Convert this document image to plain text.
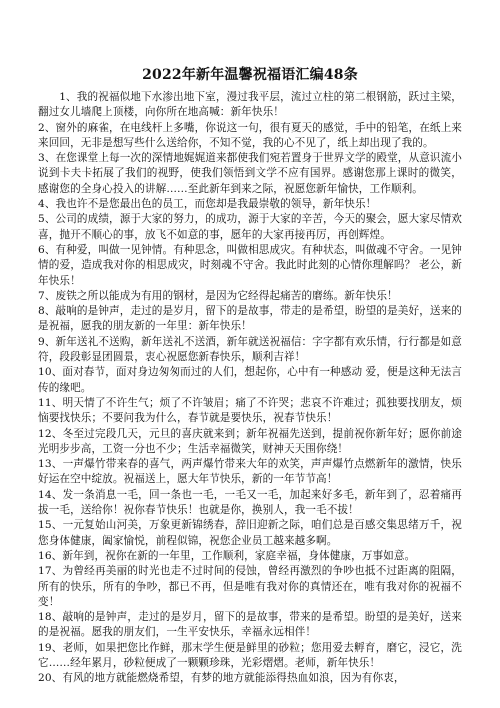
2022年新年温馨祝福语汇编48条

1、我的祝福似地下水渗出地下室，漫过我平层，流过立柱的第二根钢筋，跃过主梁，翻过女儿墙爬上顶楼，向你所在地高喊：新年快乐！

2、窗外的麻雀，在电线杆上多嘴，你说这一句，很有夏天的感觉，手中的铅笔，在纸上来来回回，无非是想写些什么送给你，不知不觉，我的心不见了，纸上却出现了我的。

3、在您课堂上每一次的深情地娓娓道来都使我们宛若置身于世界文学的殿堂，从意识流小说到卡夫卡拓展了我们的视野，使我们领悟到文学不应有国界。感谢您那上课时的微笑，感谢您的全身心投入的讲解……至此新年到来之际，祝愿您新年愉快，工作顺利。

4、我也许不是您最出色的员工，而您却是我最崇敬的领导，新年快乐！

5、公司的成绩，源于大家的努力，的成功，源于大家的辛苦，今天的聚会，愿大家尽情欢喜，抛开不顺心的事，放飞不如意的事，愿年的大家再接再厉，再创辉煌。

6、有种爱，叫做一见钟情。有种思念，叫做相思成灾。有种状态，叫做魂不守舍。一见钟情的爱，造成我对你的相思成灾，时刻魂不守舍。我此时此刻的心情你理解吗？ 老公，新年快乐！

7、废铁之所以能成为有用的钢材，是因为它经得起痛苦的磨练。新年快乐！

8、敲响的是钟声，走过的是岁月，留下的是故事，带走的是希望，盼望的是美好，送来的是祝福，愿我的朋友新的一年里：新年快乐！

9、新年送礼不送购，新年送礼不送酒，新年就送祝福信：字字都有欢乐情，行行都是如意符，段段彰显团圆景，衷心祝愿您新春快乐，顺利吉祥！

10、面对春节，面对身边匆匆而过的人们，想起你，心中有一种感动 爱，便是这种无法言传的缘吧。

11、明天情了不许生气；烦了不许皱眉；痛了不许哭；悲哀不许难过；孤独要找朋友，烦恼要找快乐；不要问我为什么，春节就是要快乐，祝春节快乐！

12、冬至过完段几天，元旦的喜庆就来到；新年祝福先送到，提前祝你新年好；愿你前途光明步步高，工资一分也不少；生活幸福微笑，财神天天围你绕！

13、一声爆竹带来春的喜气，两声爆竹带来大年的欢笑，声声爆竹点燃新年的激情，快乐好运在空中绽放。祝福送上，愿大年节快乐，新的一年节节高！

14、发一条消息一毛，回一条也一毛，一毛又一毛，加起来好多毛，新年到了，忍着痛再拔一毛，送给你！祝你春节快乐！也就是你，换别人，我一毛不拔！

15、一元复始山河美，万象更新锦绣春，辞旧迎新之际，咱们总是百感交集思绪万千，祝您身体健康，阖家愉悦，前程似锦，祝您企业员工越来越多啊。

16、新年到，祝你在新的一年里，工作顺利，家庭幸福，身体健康，万事如意。

17、为曾经再美丽的时光也走不过时间的侵蚀，曾经再激烈的争吵也抵不过距离的阻隔，所有的快乐，所有的争吵，都已不再，但是唯有我对你的真情还在，唯有我对你的祝福不变！

18、敲响的是钟声，走过的是岁月，留下的是故事，带来的是希望。盼望的是美好，送来的是祝福。愿我的朋友们，一生平安快乐，幸福永远相伴！

19、老师，如果把您比作鲜，那末学生便是鲜里的砂粒；您用爱去孵育，磨它，浸它，洗它……经年累月，砂粒便成了一颗颗珍珠，光彩熠熠。老师，新年快乐！

20、有风的地方就能燃烧希望，有梦的地方就能添得热血如浪，因为有你衷，
